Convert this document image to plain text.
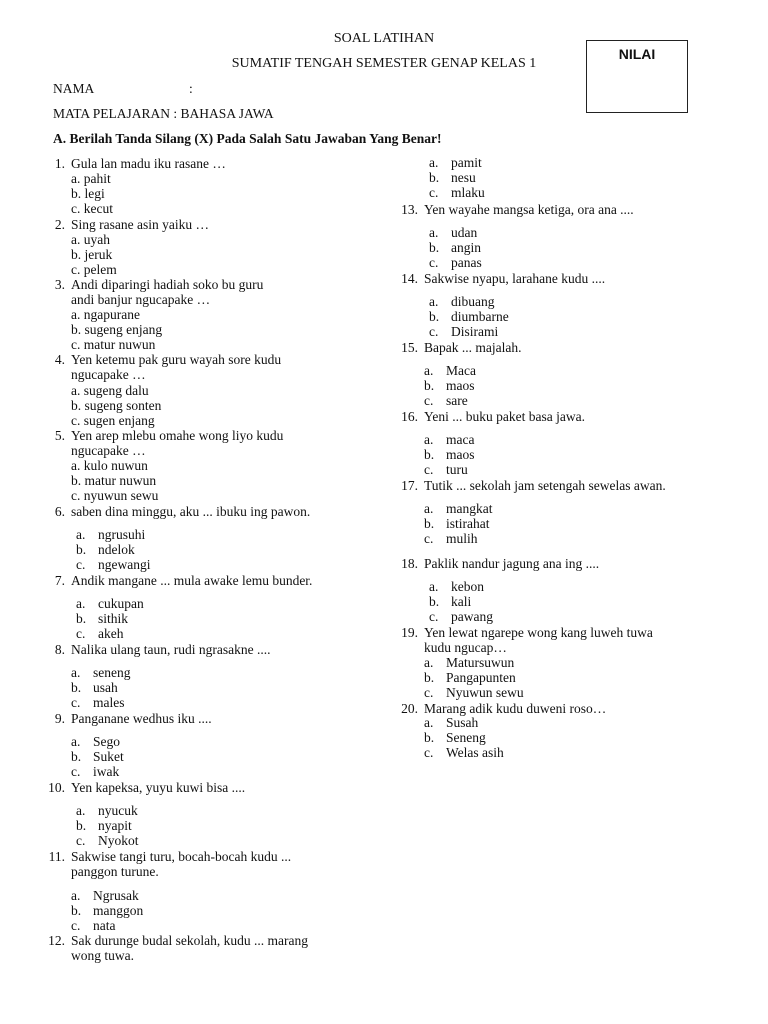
SOAL LATIHAN
SUMATIF TENGAH SEMESTER GENAP KELAS 1
NILAI
NAMA	:
MATA PELAJARAN : BAHASA JAWA
A. Berilah Tanda Silang (X) Pada Salah Satu Jawaban Yang Benar!
1. Gula lan madu iku rasane …
a. pahit
b. legi
c. kecut
2. Sing rasane asin yaiku …
a. uyah
b. jeruk
c. pelem
3. Andi diparingi hadiah soko bu guru
andi banjur ngucapake …
a. ngapurane
b. sugeng enjang
c. matur nuwun
4. Yen ketemu pak guru wayah sore kudu
ngucapake …
a. sugeng dalu
b. sugeng sonten
c. sugen enjang
5. Yen arep mlebu omahe wong liyo kudu
ngucapake …
a. kulo nuwun
b. matur nuwun
c. nyuwun sewu
6. saben dina minggu, aku ... ibuku ing pawon.
a. ngrusuhi
b. ndelok
c. ngewangi
7. Andik mangane ... mula awake lemu bunder.
a. cukupan
b. sithik
c. akeh
8. Nalika ulang taun, rudi ngrasakne ....
a. seneng
b. usah
c. males
9. Panganane wedhus iku ....
a. Sego
b. Suket
c. iwak
10. Yen kapeksa, yuyu kuwi bisa ....
a. nyucuk
b. nyapit
c. Nyokot
11. Sakwise tangi turu, bocah-bocah kudu ...
panggon turune.
a. Ngrusak
b. manggon
c. nata
12. Sak durunge budal sekolah, kudu ... marang
wong tuwa.
a. pamit
b. nesu
c. mlaku
13. Yen wayahe mangsa ketiga, ora ana ....
a. udan
b. angin
c. panas
14. Sakwise nyapu, larahane kudu ....
a. dibuang
b. diumbarne
c. Disirami
15. Bapak ... majalah.
a. Maca
b. maos
c. sare
16. Yeni ... buku paket basa jawa.
a. maca
b. maos
c. turu
17. Tutik ... sekolah jam setengah sewelas awan.
a. mangkat
b. istirahat
c. mulih
18. Paklik nandur jagung ana ing ....
a. kebon
b. kali
c. pawang
19. Yen lewat ngarepe wong kang luweh tuwa
kudu ngucap…
a. Matursuwun
b. Pangapunten
c. Nyuwun sewu
20. Marang adik kudu duweni roso…
a. Susah
b. Seneng
c. Welas asih
